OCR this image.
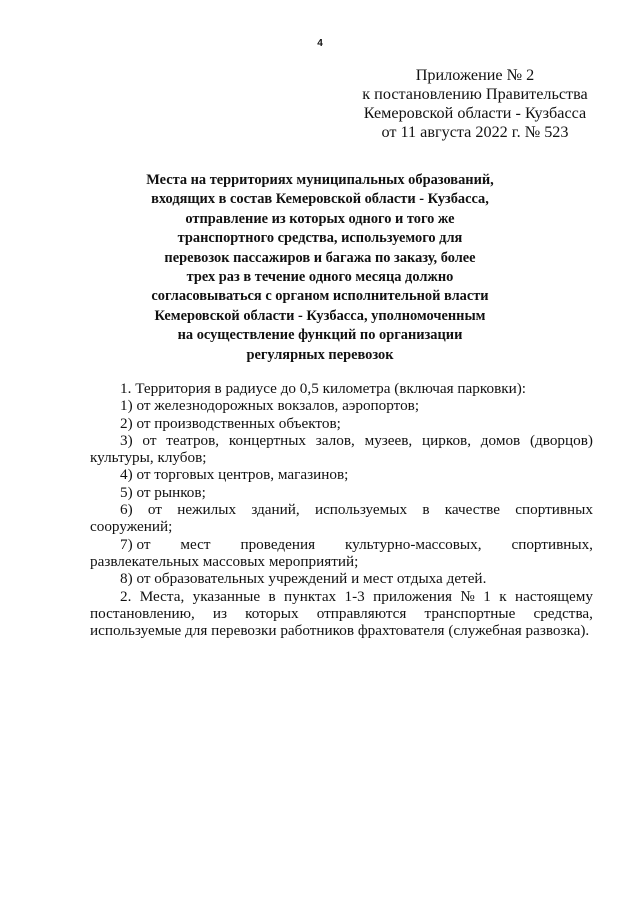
4
Приложение № 2
к постановлению Правительства
Кемеровской области - Кузбасса
от 11 августа 2022 г. № 523
Места на территориях муниципальных образований,
входящих в состав Кемеровской области - Кузбасса,
отправление из которых одного и того же
транспортного средства, используемого для
перевозок пассажиров и багажа по заказу, более
трех раз в течение одного месяца должно
согласовываться с органом исполнительной власти
Кемеровской области - Кузбасса, уполномоченным
на осуществление функций по организации
регулярных перевозок
1. Территория в радиусе до 0,5 километра (включая парковки):
1) от железнодорожных вокзалов, аэропортов;
2) от производственных объектов;
3) от театров, концертных залов, музеев, цирков, домов (дворцов)
культуры, клубов;
4) от торговых центров, магазинов;
5) от рынков;
6) от нежилых зданий, используемых в качестве спортивных
сооружений;
7) от мест проведения культурно-массовых, спортивных,
развлекательных массовых мероприятий;
8) от образовательных учреждений и мест отдыха детей.
2. Места, указанные в пунктах 1-3 приложения № 1 к настоящему
постановлению, из которых отправляются транспортные средства,
используемые для перевозки работников фрахтователя (служебная развозка).
